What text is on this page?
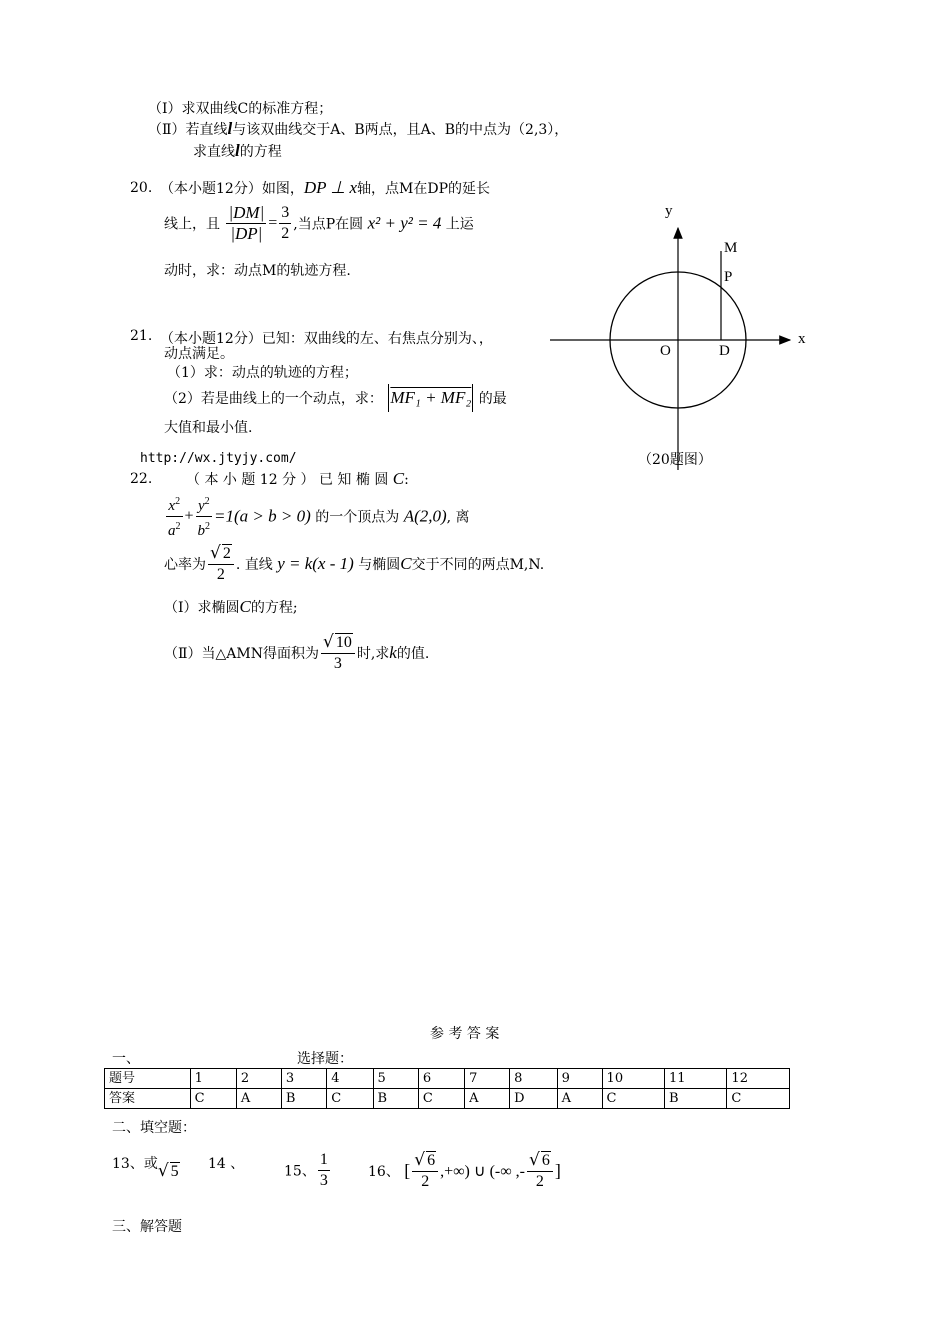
（Ⅰ）求双曲线C的标准方程；
（Ⅱ）若直线l与该双曲线交于A、B两点，且A、B的中点为（2,3），
求直线l的方程
20. （本小题12分）如图，DP ⊥ x轴，点M在DP的延长
线上，且 $\frac{|DM|}{|DP|} = \frac{3}{2}$ ,当点P在圆 x² + y² = 4 上运
动时，求：动点M的轨迹方程.
y
x
M
P
O	D
（20题图）
21. （本小题12分）已知：双曲线的左、右焦点分别为、，
动点满足。
（1）求：动点的轨迹的方程；
（2）若是曲线上的一个动点，求： MF₁ + MF₂ 的最
大值和最小值.
http://wx.jtyjy.com/
22. （ 本 小 题 12 分 ） 已 知 椭 圆 C:
$\frac{x^2}{a^2} + \frac{y^2}{b^2} =1(a > b > 0)$ 的一个顶点为 A(2,0), 离
心率为 $\frac{√ 2}{2}$ . 直线 y = k(x - 1) 与椭圆C交于不同的两点M,N.
（Ⅰ）求椭圆C的方程;
（Ⅱ）当△AMN得面积为 $\frac{√ 10}{3}$ 时,求k的值.
参 考 答 案
一、	选择题：
题号	1	2	3	4	5	6	7	8	9	10	11	12
答案	C	A	B	C	B	C	A	D	A	C	B	C
二、填空题：
13、或√ 5 14 、	15、 $\frac{1}{3}$	16、 [ $\frac{√ 6}{2}$ ,+∞) ∪ (-∞ ,- $\frac{√ 6}{2}$ ]
三、解答题
